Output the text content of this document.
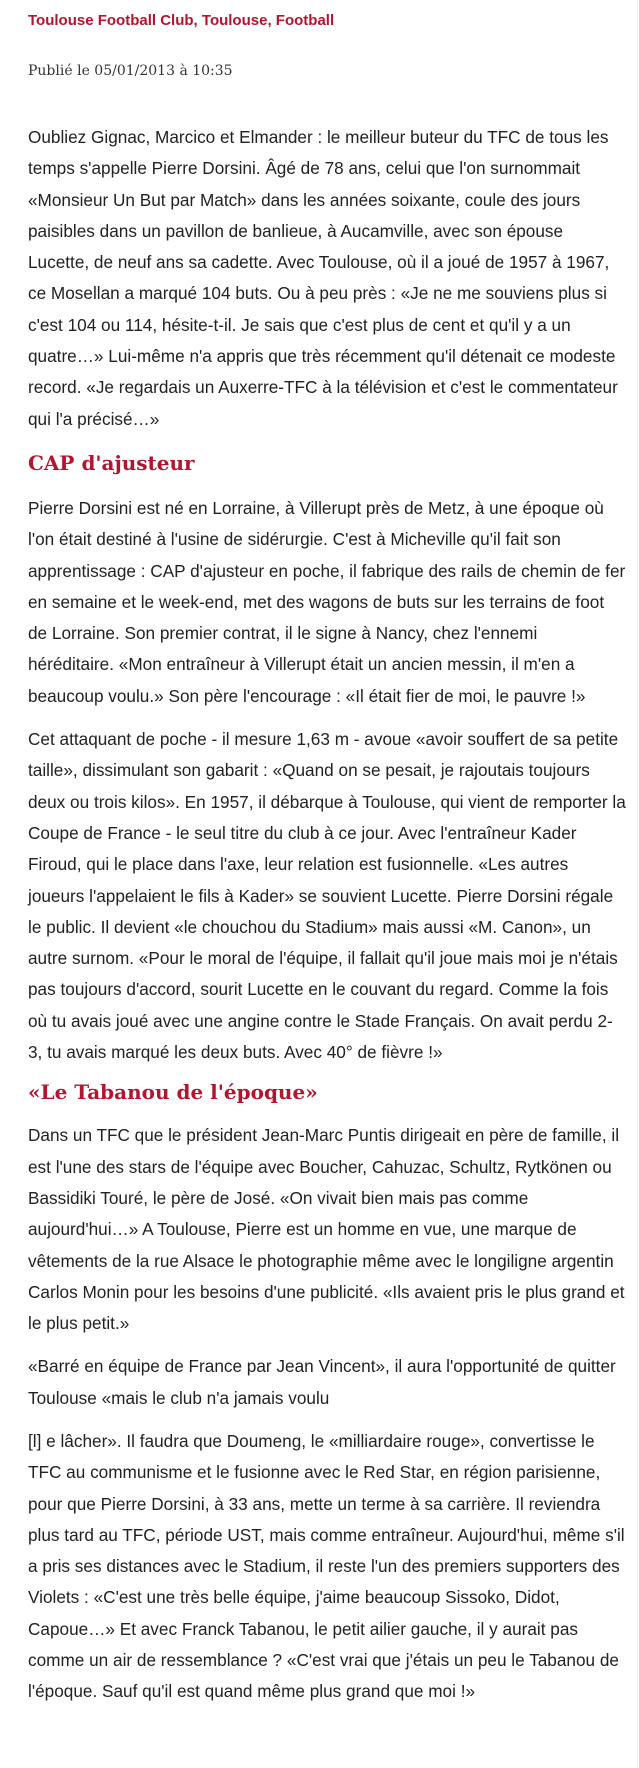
Toulouse Football Club, Toulouse, Football
Publié le 05/01/2013 à 10:35

Oubliez Gignac, Marcico et Elmander : le meilleur buteur du TFC de tous les temps s'appelle Pierre Dorsini. Âgé de 78 ans, celui que l'on surnommait «Monsieur Un But par Match» dans les années soixante, coule des jours paisibles dans un pavillon de banlieue, à Aucamville, avec son épouse Lucette, de neuf ans sa cadette. Avec Toulouse, où il a joué de 1957 à 1967, ce Mosellan a marqué 104 buts. Ou à peu près : «Je ne me souviens plus si c'est 104 ou 114, hésite-t-il. Je sais que c'est plus de cent et qu'il y a un quatre…» Lui-même n'a appris que très récemment qu'il détenait ce modeste record. «Je regardais un Auxerre-TFC à la télévision et c'est le commentateur qui l'a précisé…»

CAP d'ajusteur

Pierre Dorsini est né en Lorraine, à Villerupt près de Metz, à une époque où l'on était destiné à l'usine de sidérurgie. C'est à Micheville qu'il fait son apprentissage : CAP d'ajusteur en poche, il fabrique des rails de chemin de fer en semaine et le week-end, met des wagons de buts sur les terrains de foot de Lorraine. Son premier contrat, il le signe à Nancy, chez l'ennemi héréditaire. «Mon entraîneur à Villerupt était un ancien messin, il m'en a beaucoup voulu.» Son père l'encourage : «Il était fier de moi, le pauvre !»

Cet attaquant de poche - il mesure 1,63 m - avoue «avoir souffert de sa petite taille», dissimulant son gabarit : «Quand on se pesait, je rajoutais toujours deux ou trois kilos». En 1957, il débarque à Toulouse, qui vient de remporter la Coupe de France - le seul titre du club à ce jour. Avec l'entraîneur Kader Firoud, qui le place dans l'axe, leur relation est fusionnelle. «Les autres joueurs l'appelaient le fils à Kader» se souvient Lucette. Pierre Dorsini régale le public. Il devient «le chouchou du Stadium» mais aussi «M. Canon», un autre surnom. «Pour le moral de l'équipe, il fallait qu'il joue mais moi je n'étais pas toujours d'accord, sourit Lucette en le couvant du regard. Comme la fois où tu avais joué avec une angine contre le Stade Français. On avait perdu 2-3, tu avais marqué les deux buts. Avec 40° de fièvre !»

«Le Tabanou de l'époque»

Dans un TFC que le président Jean-Marc Puntis dirigeait en père de famille, il est l'une des stars de l'équipe avec Boucher, Cahuzac, Schultz, Rytkönen ou Bassidiki Touré, le père de José. «On vivait bien mais pas comme aujourd'hui…» A Toulouse, Pierre est un homme en vue, une marque de vêtements de la rue Alsace le photographie même avec le longiligne argentin Carlos Monin pour les besoins d'une publicité. «Ils avaient pris le plus grand et le plus petit.»

«Barré en équipe de France par Jean Vincent», il aura l'opportunité de quitter Toulouse «mais le club n'a jamais voulu

[l] e lâcher». Il faudra que Doumeng, le «milliardaire rouge», convertisse le TFC au communisme et le fusionne avec le Red Star, en région parisienne, pour que Pierre Dorsini, à 33 ans, mette un terme à sa carrière. Il reviendra plus tard au TFC, période UST, mais comme entraîneur. Aujourd'hui, même s'il a pris ses distances avec le Stadium, il reste l'un des premiers supporters des Violets : «C'est une très belle équipe, j'aime beaucoup Sissoko, Didot, Capoue…» Et avec Franck Tabanou, le petit ailier gauche, il y aurait pas comme un air de ressemblance ? «C'est vrai que j'étais un peu le Tabanou de l'époque. Sauf qu'il est quand même plus grand que moi !»
